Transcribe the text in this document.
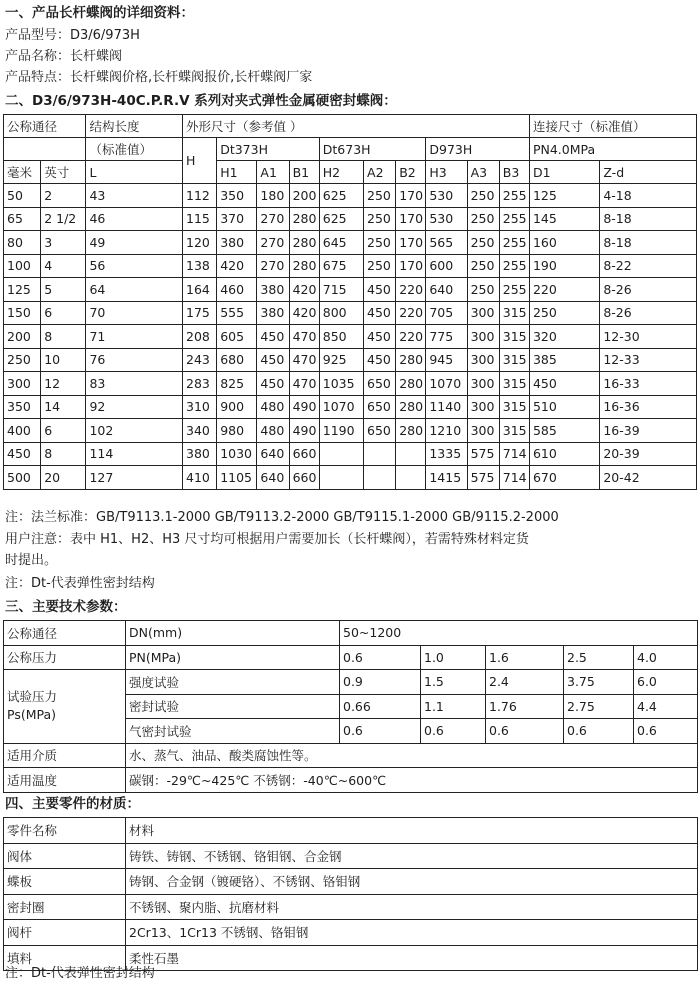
一、产品长杆蝶阀的详细资料：
产品型号：D3/6/973H
产品名称：长杆蝶阀
产品特点：长杆蝶阀价格,长杆蝶阀报价,长杆蝶阀厂家
二、D3/6/973H-40C.P.R.V 系列对夹式弹性金属硬密封蝶阀：
公称通径		结构长度	外形尺寸（参考值 ）										连接尺寸（标准值）	
		（标准值）	H	Dt373H			Dt673H			D973H			PN4.0MPa	
毫米	英寸	L		H1	A1	B1	H2	A2	B2	H3	A3	B3	D1	Z-d
50	2	43	112	350	180	200	625	250	170	530	250	255	125	4-18
65	2 1/2	46	115	370	270	280	625	250	170	530	250	255	145	8-18
80	3	49	120	380	270	280	645	250	170	565	250	255	160	8-18
100	4	56	138	420	270	280	675	250	170	600	250	255	190	8-22
125	5	64	164	460	380	420	715	450	220	640	250	255	220	8-26
150	6	70	175	555	380	420	800	450	220	705	300	315	250	8-26
200	8	71	208	605	450	470	850	450	220	775	300	315	320	12-30
250	10	76	243	680	450	470	925	450	280	945	300	315	385	12-33
300	12	83	283	825	450	470	1035	650	280	1070	300	315	450	16-33
350	14	92	310	900	480	490	1070	650	280	1140	300	315	510	16-36
400	6	102	340	980	480	490	1190	650	280	1210	300	315	585	16-39
450	8	114	380	1030	640	660				1335	575	714	610	20-39
500	20	127	410	1105	640	660				1415	575	714	670	20-42
注：法兰标准：GB/T9113.1-2000 GB/T9113.2-2000 GB/T9115.1-2000 GB/9115.2-2000
用户注意：表中 H1、H2、H3 尺寸均可根据用户需要加长（长杆蝶阀），若需特殊材料定货
时提出。
注：Dt-代表弹性密封结构
三、主要技术参数：
公称通径	DN(mm)	50~1200				
公称压力	PN(MPa)	0.6	1.0	1.6	2.5	4.0
试验压力
Ps(MPa)	强度试验	0.9	1.5	2.4	3.75	6.0
	密封试验	0.66	1.1	1.76	2.75	4.4
	气密封试验	0.6	0.6	0.6	0.6	0.6
适用介质	水、蒸气、油品、酸类腐蚀性等。					
适用温度	碳钢：-29℃~425℃ 不锈钢：-40℃~600℃					
四、主要零件的材质：
零件名称	材料
阀体	铸铁、铸钢、不锈钢、铬钼钢、合金钢
蝶板	铸钢、合金钢（镀硬铬）、不锈钢、铬钼钢
密封圈	不锈钢、聚内脂、抗磨材料
阀杆	2Cr13、1Cr13 不锈钢、铬钼钢
填料	柔性石墨
注：Dt-代表弹性密封结构
